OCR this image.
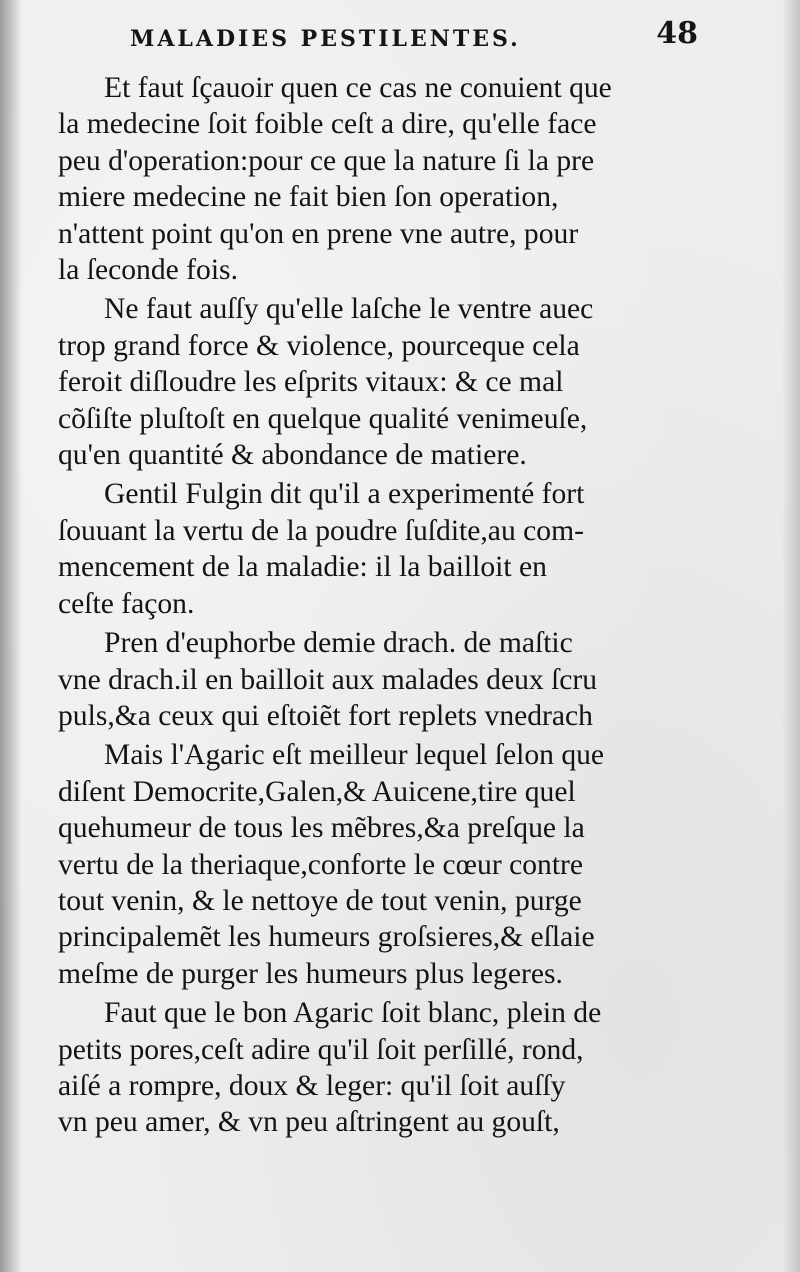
MALADIES PESTILENTES.	48
Et faut ſçauoir quen ce cas ne conuient que
la medecine ſoit foible ceſt a dire, qu'elle face
peu d'operation:pour ce que la nature ſi la pre
miere medecine ne fait bien ſon operation,
n'attent point qu'on en prene vne autre, pour
la ſeconde fois.
Ne faut auſſy qu'elle laſche le ventre auec
trop grand force & violence, pourceque cela
feroit diſloudre les eſprits vitaux: & ce mal
cõſiſte pluſtoſt en quelque qualité venimeuſe,
qu'en quantité & abondance de matiere.
Gentil Fulgin dit qu'il a experimenté fort
ſouuant la vertu de la poudre ſuſdite,au com-
mencement de la maladie: il la bailloit en
ceſte façon.
Pren d'euphorbe demie drach. de maſtic
vne drach.il en bailloit aux malades deux ſcru
puls,&a ceux qui eſtoiẽt fort replets vnedrach
Mais l'Agaric eſt meilleur lequel ſelon que
diſent Democrite,Galen,& Auicene,tire quel
quehumeur de tous les mẽbres,&a preſque la
vertu de la theriaque,conforte le cœur contre
tout venin, & le nettoye de tout venin, purge
principalemẽt les humeurs groſsieres,& eſlaie
meſme de purger les humeurs plus legeres.
Faut que le bon Agaric ſoit blanc, plein de
petits pores,ceſt adire qu'il ſoit perſillé, rond,
aiſé a rompre, doux & leger: qu'il ſoit auſſy
vn peu amer, & vn peu aſtringent au gouſt,
